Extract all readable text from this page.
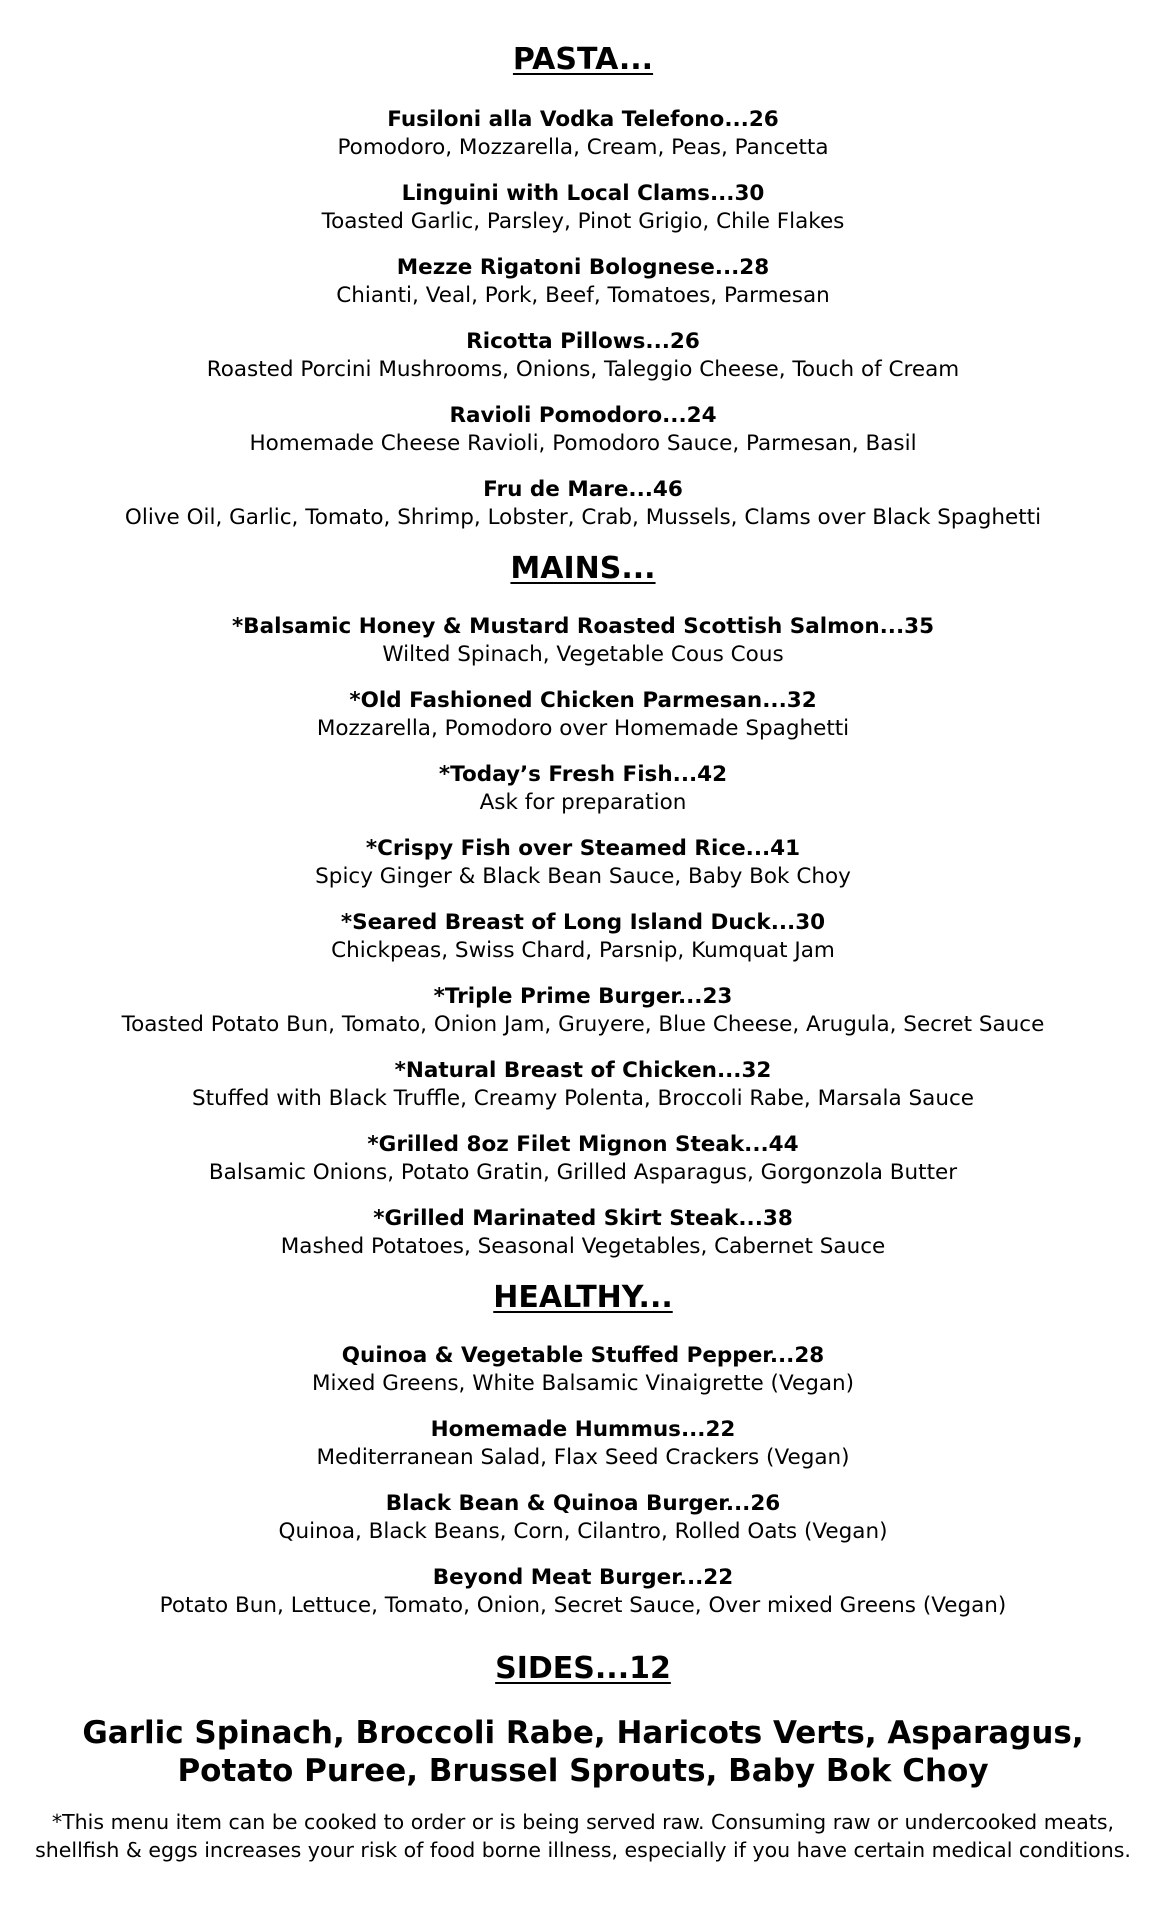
PASTA...
Fusiloni alla Vodka Telefono...26
Pomodoro, Mozzarella, Cream, Peas, Pancetta
Linguini with Local Clams...30
Toasted Garlic, Parsley, Pinot Grigio, Chile Flakes
Mezze Rigatoni Bolognese...28
Chianti, Veal, Pork, Beef, Tomatoes, Parmesan
Ricotta Pillows...26
Roasted Porcini Mushrooms, Onions, Taleggio Cheese, Touch of Cream
Ravioli Pomodoro...24
Homemade Cheese Ravioli, Pomodoro Sauce, Parmesan, Basil
Fru de Mare...46
Olive Oil, Garlic, Tomato, Shrimp, Lobster, Crab, Mussels, Clams over Black Spaghetti
MAINS...
*Balsamic Honey & Mustard Roasted Scottish Salmon...35
Wilted Spinach, Vegetable Cous Cous
*Old Fashioned Chicken Parmesan...32
Mozzarella, Pomodoro over Homemade Spaghetti
*Today’s Fresh Fish...42
Ask for preparation
*Crispy Fish over Steamed Rice...41
Spicy Ginger & Black Bean Sauce, Baby Bok Choy
*Seared Breast of Long Island Duck...30
Chickpeas, Swiss Chard, Parsnip, Kumquat Jam
*Triple Prime Burger...23
Toasted Potato Bun, Tomato, Onion Jam, Gruyere, Blue Cheese, Arugula, Secret Sauce
*Natural Breast of Chicken...32
Stuffed with Black Truffle, Creamy Polenta, Broccoli Rabe, Marsala Sauce
*Grilled 8oz Filet Mignon Steak...44
Balsamic Onions, Potato Gratin, Grilled Asparagus, Gorgonzola Butter
*Grilled Marinated Skirt Steak...38
Mashed Potatoes, Seasonal Vegetables, Cabernet Sauce
HEALTHY...
Quinoa & Vegetable Stuffed Pepper...28
Mixed Greens, White Balsamic Vinaigrette (Vegan)
Homemade Hummus...22
Mediterranean Salad, Flax Seed Crackers (Vegan)
Black Bean & Quinoa Burger...26
Quinoa, Black Beans, Corn, Cilantro, Rolled Oats (Vegan)
Beyond Meat Burger...22
Potato Bun, Lettuce, Tomato, Onion, Secret Sauce, Over mixed Greens (Vegan)
SIDES...12
Garlic Spinach, Broccoli Rabe, Haricots Verts, Asparagus, Potato Puree, Brussel Sprouts, Baby Bok Choy
*This menu item can be cooked to order or is being served raw. Consuming raw or undercooked meats, shellfish & eggs increases your risk of food borne illness, especially if you have certain medical conditions.
